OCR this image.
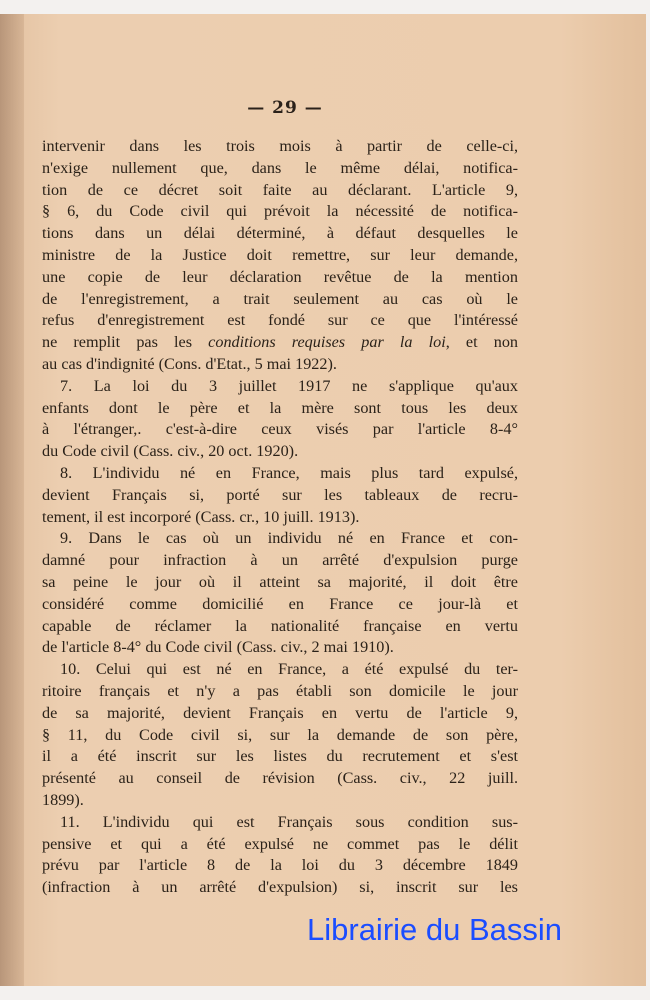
— 29 —
intervenir dans les trois mois à partir de celle-ci,
n'exige nullement que, dans le même délai, notifica-
tion de ce décret soit faite au déclarant. L'article 9,
§ 6, du Code civil qui prévoit la nécessité de notifica-
tions dans un délai déterminé, à défaut desquelles le
ministre de la Justice doit remettre, sur leur demande,
une copie de leur déclaration revêtue de la mention
de l'enregistrement, a trait seulement au cas où le
refus d'enregistrement est fondé sur ce que l'intéressé
ne remplit pas les conditions requises par la loi, et non
au cas d'indignité (Cons. d'Etat., 5 mai 1922).
7. La loi du 3 juillet 1917 ne s'applique qu'aux
enfants dont le père et la mère sont tous les deux
à l'étranger,. c'est-à-dire ceux visés par l'article 8-4°
du Code civil (Cass. civ., 20 oct. 1920).
8. L'individu né en France, mais plus tard expulsé,
devient Français si, porté sur les tableaux de recru-
tement, il est incorporé (Cass. cr., 10 juill. 1913).
9. Dans le cas où un individu né en France et con-
damné pour infraction à un arrêté d'expulsion purge
sa peine le jour où il atteint sa majorité, il doit être
considéré comme domicilié en France ce jour-là et
capable de réclamer la nationalité française en vertu
de l'article 8-4° du Code civil (Cass. civ., 2 mai 1910).
10. Celui qui est né en France, a été expulsé du ter-
ritoire français et n'y a pas établi son domicile le jour
de sa majorité, devient Français en vertu de l'article 9,
§ 11, du Code civil si, sur la demande de son père,
il a été inscrit sur les listes du recrutement et s'est
présenté au conseil de révision (Cass. civ., 22 juill.
1899).
11. L'individu qui est Français sous condition sus-
pensive et qui a été expulsé ne commet pas le délit
prévu par l'article 8 de la loi du 3 décembre 1849
(infraction à un arrêté d'expulsion) si, inscrit sur les
Librairie du Bassin
